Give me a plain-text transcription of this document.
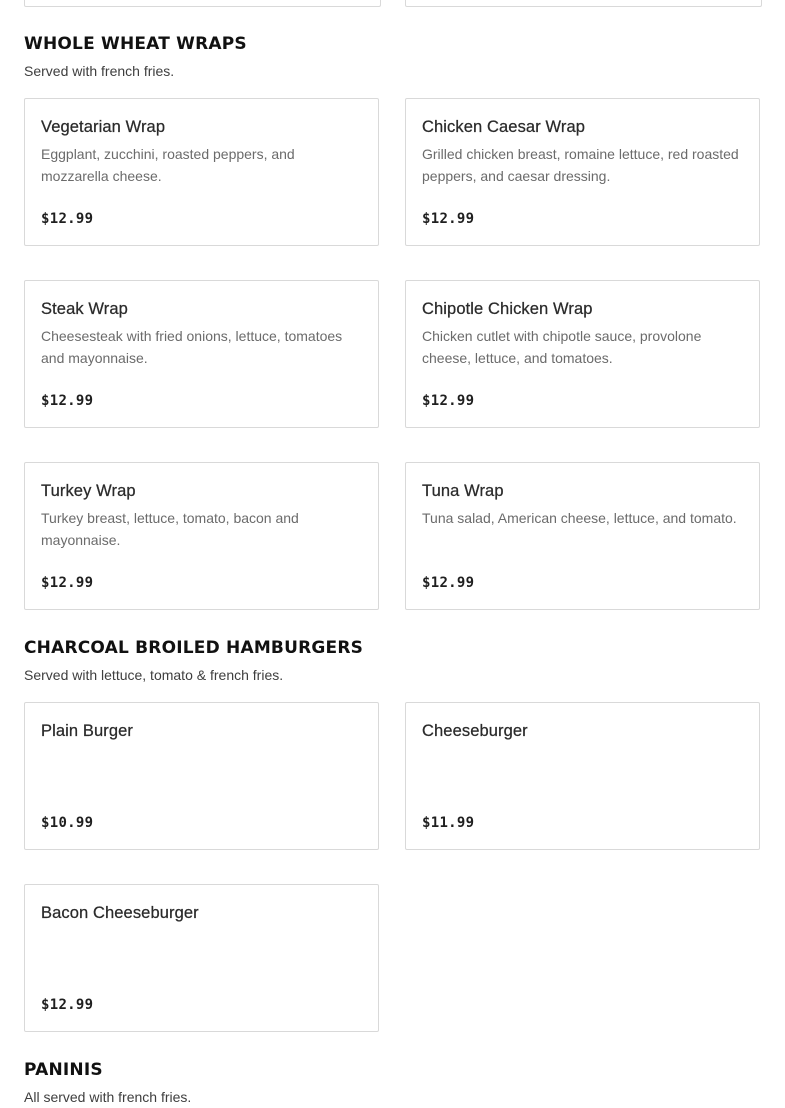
WHOLE WHEAT WRAPS
Served with french fries.
Vegetarian Wrap
Eggplant, zucchini, roasted peppers, and mozzarella cheese.
$12.99
Chicken Caesar Wrap
Grilled chicken breast, romaine lettuce, red roasted peppers, and caesar dressing.
$12.99
Steak Wrap
Cheesesteak with fried onions, lettuce, tomatoes and mayonnaise.
$12.99
Chipotle Chicken Wrap
Chicken cutlet with chipotle sauce, provolone cheese, lettuce, and tomatoes.
$12.99
Turkey Wrap
Turkey breast, lettuce, tomato, bacon and mayonnaise.
$12.99
Tuna Wrap
Tuna salad, American cheese, lettuce, and tomato.
$12.99
CHARCOAL BROILED HAMBURGERS
Served with lettuce, tomato & french fries.
Plain Burger
$10.99
Cheeseburger
$11.99
Bacon Cheeseburger
$12.99
PANINIS
All served with french fries.
